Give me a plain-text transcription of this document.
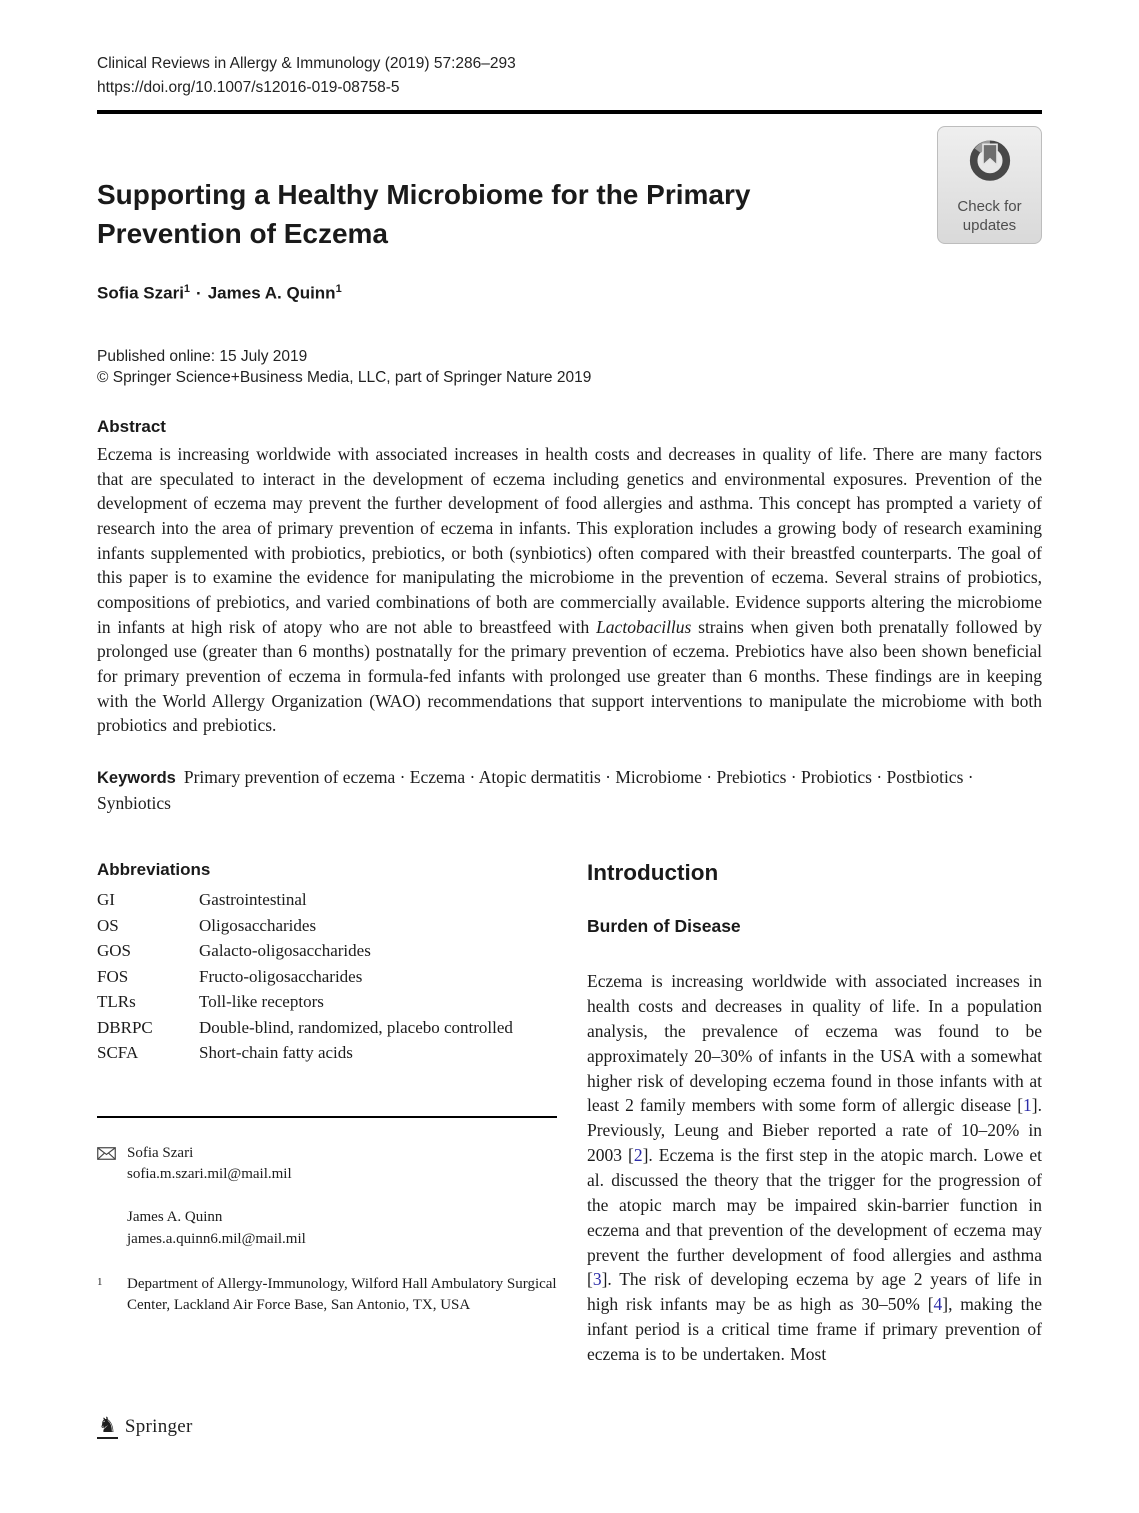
Clinical Reviews in Allergy & Immunology (2019) 57:286–293
https://doi.org/10.1007/s12016-019-08758-5
Supporting a Healthy Microbiome for the Primary Prevention of Eczema
Sofia Szari$^1$ · James A. Quinn$^1$
Published online: 15 July 2019
© Springer Science+Business Media, LLC, part of Springer Nature 2019
Abstract

Eczema is increasing worldwide with associated increases in health costs and decreases in quality of life. There are many factors that are speculated to interact in the development of eczema including genetics and environmental exposures. Prevention of the development of eczema may prevent the further development of food allergies and asthma. This concept has prompted a variety of research into the area of primary prevention of eczema in infants. This exploration includes a growing body of research examining infants supplemented with probiotics, prebiotics, or both (synbiotics) often compared with their breastfed counterparts. The goal of this paper is to examine the evidence for manipulating the microbiome in the prevention of eczema. Several strains of probiotics, compositions of prebiotics, and varied combinations of both are commercially available. Evidence supports altering the microbiome in infants at high risk of atopy who are not able to breastfeed with Lactobacillus strains when given both prenatally followed by prolonged use (greater than 6 months) postnatally for the primary prevention of eczema. Prebiotics have also been shown beneficial for primary prevention of eczema in formula-fed infants with prolonged use greater than 6 months. These findings are in keeping with the World Allergy Organization (WAO) recommendations that support interventions to manipulate the microbiome with both probiotics and prebiotics.

Keywords Primary prevention of eczema · Eczema · Atopic dermatitis · Microbiome · Prebiotics · Probiotics · Postbiotics · Synbiotics

Abbreviations
GI	Gastrointestinal
OS	Oligosaccharides
GOS	Galacto-oligosaccharides
FOS	Fructo-oligosaccharides
TLRs	Toll-like receptors
DBRPC	Double-blind, randomized, placebo controlled
SCFA	Short-chain fatty acids
Sofia Szari
sofia.m.szari.mil@mail.mil
James A. Quinn
james.a.quinn6.mil@mail.mil
1	Department of Allergy-Immunology, Wilford Hall Ambulatory Surgical Center, Lackland Air Force Base, San Antonio, TX, USA
Introduction
Burden of Disease

Eczema is increasing worldwide with associated increases in health costs and decreases in quality of life. In a population analysis, the prevalence of eczema was found to be approximately 20–30% of infants in the USA with a somewhat higher risk of developing eczema found in those infants with at least 2 family members with some form of allergic disease [1]. Previously, Leung and Bieber reported a rate of 10–20% in 2003 [2]. Eczema is the first step in the atopic march. Lowe et al. discussed the theory that the trigger for the progression of the atopic march may be impaired skin-barrier function in eczema and that prevention of the development of eczema may prevent the further development of food allergies and asthma [3]. The risk of developing eczema by age 2 years of life in high risk infants may be as high as 30–50% [4], making the infant period is a critical time frame if primary prevention of eczema is to be undertaken. Most

Check for
updates
♞ Springer
